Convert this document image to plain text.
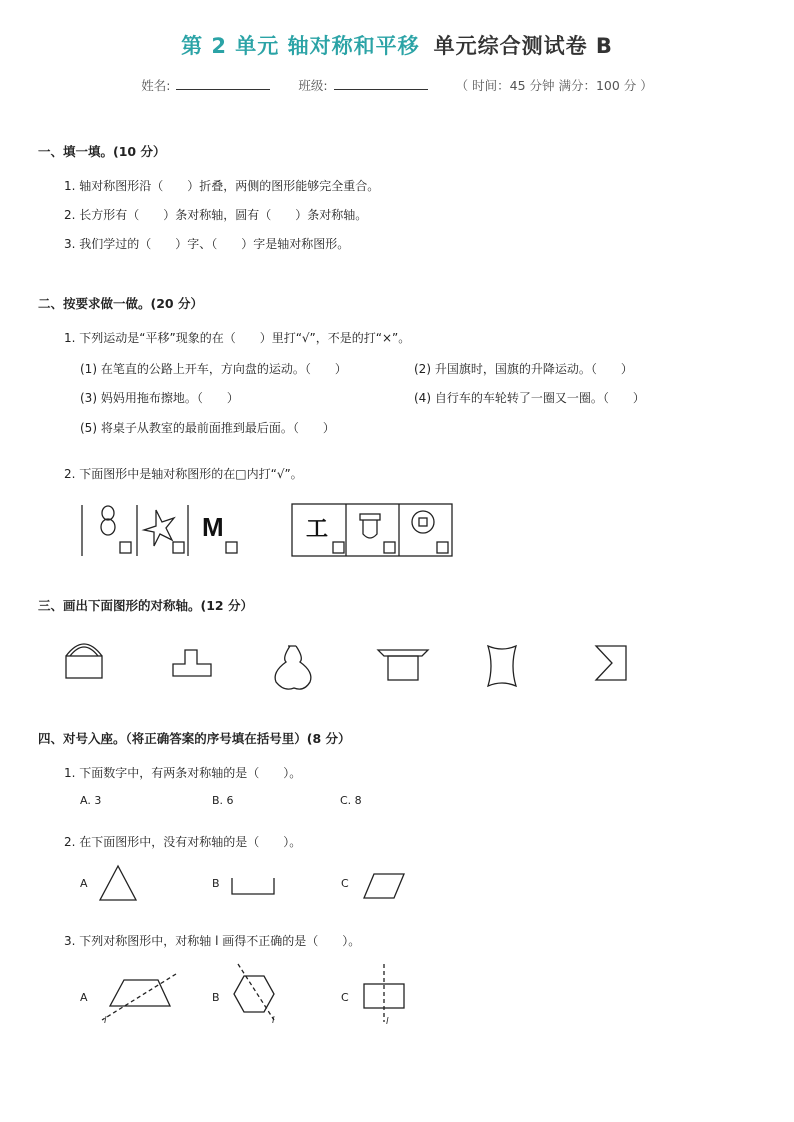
第 2 单元 轴对称和平移 单元综合测试卷 B
姓名:	班级:	（ 时间：45 分钟 满分：100 分 ）
一、填一填。(10 分）
1. 轴对称图形沿（　　）折叠，两侧的图形能够完全重合。
2. 长方形有（　　）条对称轴，圆有（　　）条对称轴。
3. 我们学过的（　　）字、（　　）字是轴对称图形。
二、按要求做一做。(20 分）
1. 下列运动是“平移”现象的在（　　）里打“√”，不是的打“×”。
(1) 在笔直的公路上开车，方向盘的运动。（　　）	(2) 升国旗时，国旗的升降运动。（　　）
(3) 妈妈用拖布擦地。（　　）	(4) 自行车的车轮转了一圈又一圈。（　　）
(5) 将桌子从教室的最前面推到最后面。（　　）
2. 下面图形中是轴对称图形的在□内打“√”。
M	工
三、画出下面图形的对称轴。(12 分）
四、对号入座。（将正确答案的序号填在括号里）(8 分）
1. 下面数字中，有两条对称轴的是（　　）。
A. 3	B. 6	C. 8
2. 在下面图形中，没有对称轴的是（　　）。
A	B	C
3. 下列对称图形中，对称轴 l 画得不正确的是（　　）。
A	B	C
l	l	l
